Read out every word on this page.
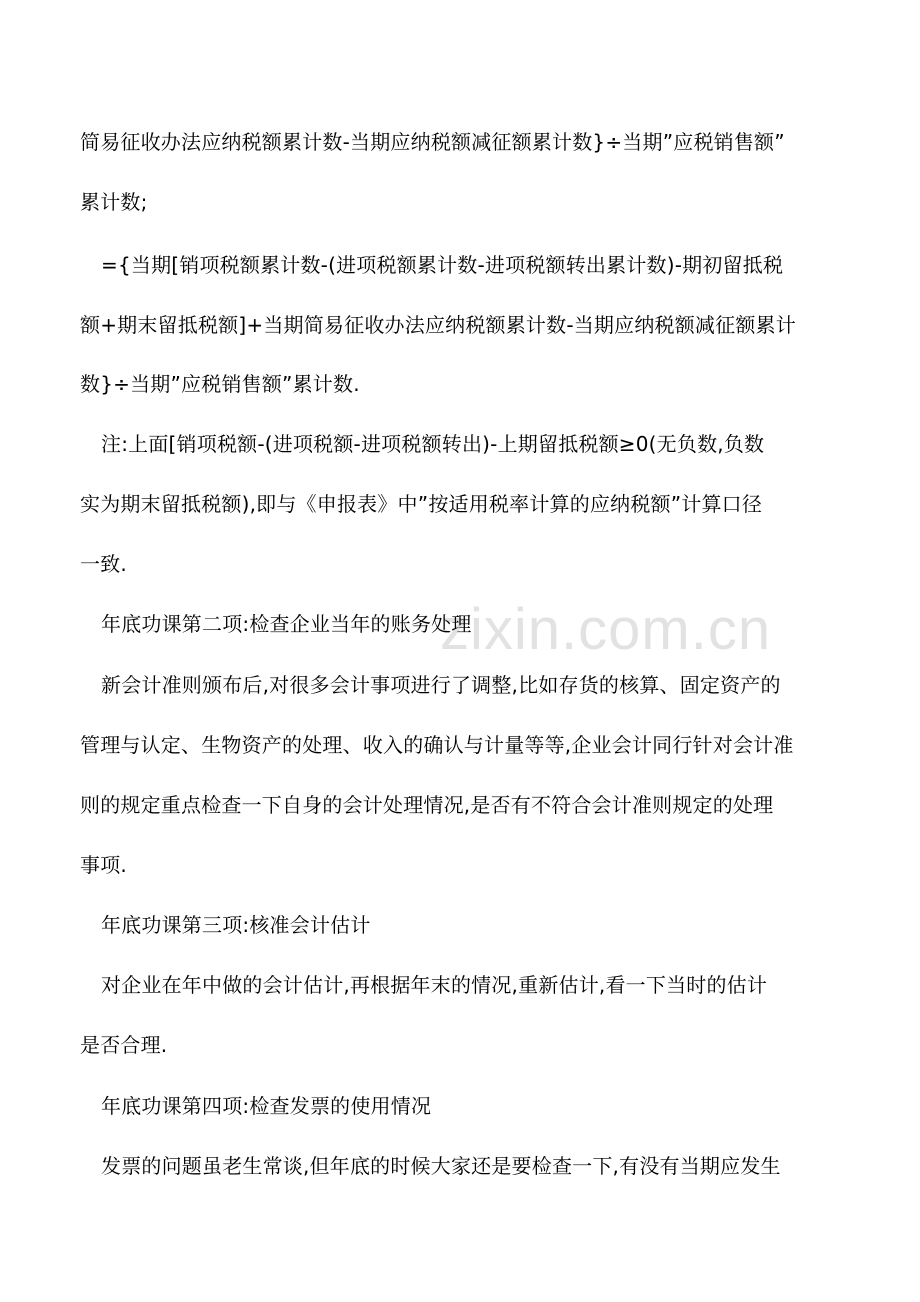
zixin.com.cn
简易征收办法应纳税额累计数-当期应纳税额减征额累计数}÷当期”应税销售额”
累计数;
={当期[销项税额累计数-(进项税额累计数-进项税额转出累计数)-期初留抵税
额+期末留抵税额]+当期简易征收办法应纳税额累计数-当期应纳税额减征额累计
数}÷当期”应税销售额”累计数.
注:上面[销项税额-(进项税额-进项税额转出)-上期留抵税额≥0(无负数,负数
实为期末留抵税额),即与《申报表》中”按适用税率计算的应纳税额”计算口径
一致.
年底功课第二项:检查企业当年的账务处理
新会计准则颁布后,对很多会计事项进行了调整,比如存货的核算、固定资产的
管理与认定、生物资产的处理、收入的确认与计量等等,企业会计同行针对会计准
则的规定重点检查一下自身的会计处理情况,是否有不符合会计准则规定的处理
事项.
年底功课第三项:核准会计估计
对企业在年中做的会计估计,再根据年末的情况,重新估计,看一下当时的估计
是否合理.
年底功课第四项:检查发票的使用情况
发票的问题虽老生常谈,但年底的时候大家还是要检查一下,有没有当期应发生
